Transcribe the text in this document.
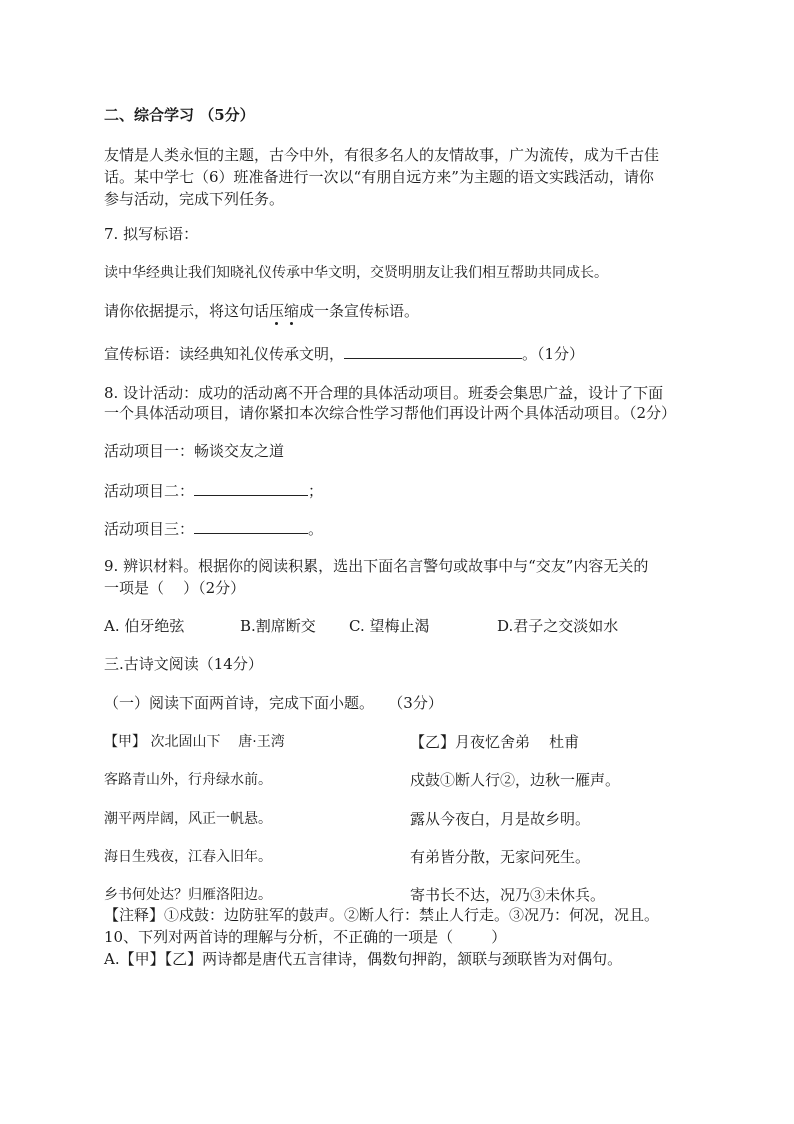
二、综合学习 （5分）
友情是人类永恒的主题，古今中外，有很多名人的友情故事，广为流传，成为千古佳
话。某中学七（6）班准备进行一次以“有朋自远方来”为主题的语文实践活动，请你
参与活动，完成下列任务。
7. 拟写标语：
读中华经典让我们知晓礼仪传承中华文明，交贤明朋友让我们相互帮助共同成长。
请你依据提示，将这句话压缩成一条宣传标语。
宣传标语：读经典知礼仪传承文明，	。（1分）
8. 设计活动：成功的活动离不开合理的具体活动项目。班委会集思广益，设计了下面
一个具体活动项目，请你紧扣本次综合性学习帮他们再设计两个具体活动项目。（2分）
活动项目一：畅谈交友之道
活动项目二：	；
活动项目三：	。
9. 辨识材料。根据你的阅读积累，选出下面名言警句或故事中与“交友”内容无关的
一项是（    ）（2分）
A. 伯牙绝弦	B.割席断交 C. 望梅止渴	D.君子之交淡如水
三.古诗文阅读（14分）
（一）阅读下面两首诗，完成下面小题。   （3分）
【甲】 次北固山下    唐·王湾	【乙】月夜忆舍弟    杜甫
客路青山外，行舟绿水前。	戍鼓①断人行②，边秋一雁声。
潮平两岸阔，风正一帆悬。	露从今夜白，月是故乡明。
海日生残夜，江春入旧年。	有弟皆分散，无家问死生。
乡书何处达？归雁洛阳边。	寄书长不达，况乃③未休兵。
【注释】①戍鼓：边防驻军的鼓声。②断人行：禁止人行走。③况乃：何况，况且。
10、下列对两首诗的理解与分析，不正确的一项是（        ）
A.【甲】【乙】两诗都是唐代五言律诗，偶数句押韵，颔联与颈联皆为对偶句。
